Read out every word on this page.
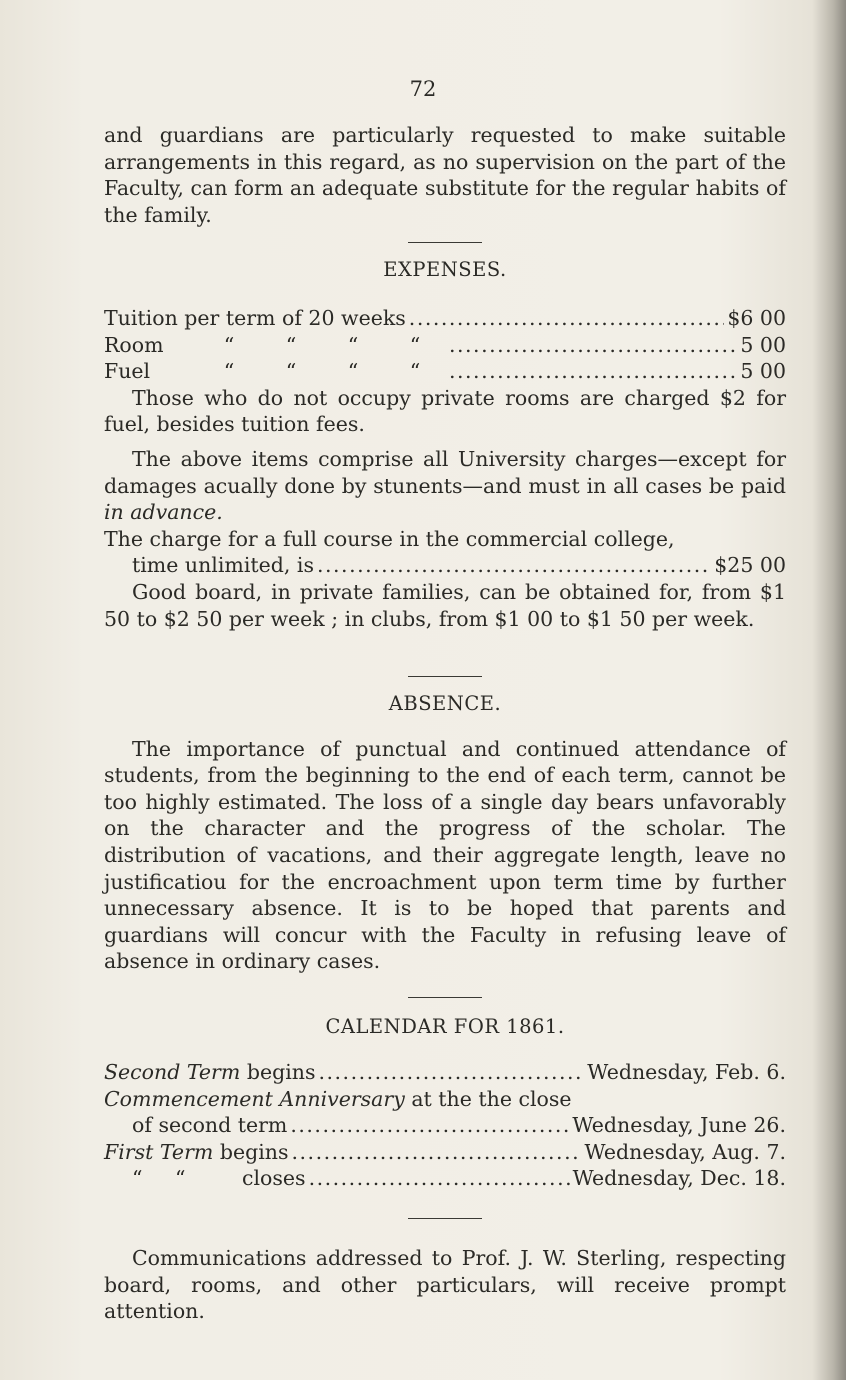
72

and guardians are particularly requested to make suitable arrangements in this regard, as no supervision on the part of the Faculty, can form an adequate substitute for the regular habits of the family.

EXPENSES.
Tuition per term of 20 weeks .....	$6 00
Room	“	“	“	“ .....	5 00
Fuel	“	“	“	“ .....	5 00

Those who do not occupy private rooms are charged $2 for fuel, besides tuition fees.

The above items comprise all University charges—except for damages acually done by stunents—and must in all cases be paid in advance.

The charge for a full course in the commercial college,
time unlimited, is .....	$25 00

Good board, in private families, can be obtained for, from $1 50 to $2 50 per week ; in clubs, from $1 00 to $1 50 per week.

ABSENCE.

The importance of punctual and continued attendance of students, from the beginning to the end of each term, cannot be too highly estimated. The loss of a single day bears unfavorably on the character and the progress of the scholar. The distribution of vacations, and their aggregate length, leave no justificatiou for the encroachment upon term time by further unnecessary absence. It is to be hoped that parents and guardians will concur with the Faculty in refusing leave of absence in ordinary cases.

CALENDAR FOR 1861.
Second Term begins .....	Wednesday, Feb. 6.
Commencement Anniversary at the the close
of second term .....	Wednesday, June 26.
First Term begins .....	Wednesday, Aug. 7.
“     “	closes .....	Wednesday, Dec. 18.

Communications addressed to Prof. J. W. Sterling, respecting board, rooms, and other particulars, will receive prompt attention.
